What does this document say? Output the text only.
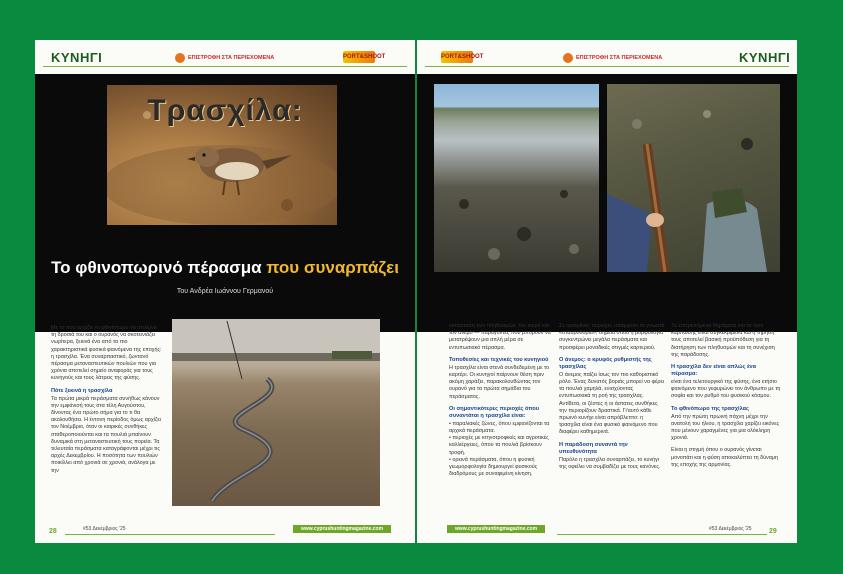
ΚΥΝΗΓΙ	ΕΠΙΣΤΡΟΦΗ ΣΤΑ ΠΕΡΙΕΧΟΜΕΝΑ	PORT&SHOOT
Τρασχίλα:
Το φθινοπωρινό πέρασμα που συναρπάζει
Του Ανδρέα Ιωάννου Γερμανού

Με το που αρχίζει το φθινόπωρο να απλώνει τη δροσιά του και ο ουρανός να σκοτεινιάζει νωρίτερα, ξεκινά ένα από τα πιο χαρακτηριστικά φυσικά φαινόμενα της εποχής: η τρασχίλα. Ένα συναρπαστικό, ζωντανό πέρασμα μεταναστευτικών πουλιών που για χρόνια αποτελεί σημείο αναφοράς για τους κυνηγούς και τους λάτρεις της φύσης.

Πότε ξεκινά η τρασχίλα

Τα πρώτα μικρά περάσματα συνήθως κάνουν την εμφάνισή τους στα τέλη Αυγούστου, δίνοντας ένα πρώτο σήμα για το τι θα ακολουθήσει. Η έντονη περίοδος όμως αρχίζει τον Νοέμβριο, όταν οι καιρικές συνθήκες σταθεροποιούνται και τα πουλιά μπαίνουν δυναμικά στη μεταναστευτική τους πορεία. Τα τελευταία περάσματα καταγράφονται μέχρι τις αρχές Δεκεμβρίου. Η ποσότητα των πουλιών ποικίλλει από χρονιά σε χρονιά, ανάλογα με την

28	#53 Δεκέμβριος '25	www.cyprushuntingmagazine.com
PORT&SHOOT	ΕΠΙΣΤΡΟΦΗ ΣΤΑ ΠΕΡΙΕΧΟΜΕΝΑ	ΚΥΝΗΓΙ

κατάσταση των πληθυσμών, τον καιρό και τον άνεμο — παράγοντες που μπορούν να μετατρέψουν μια απλή μέρα σε εντυπωσιακό πέρασμα.

Τοποθεσίες και τεχνικές του κυνηγιού

Η τρασχίλα είναι στενά συνδεδεμένη με το καρτέρι. Οι κυνηγοί παίρνουν θέση πριν ακόμη χαράξει, παρακολουθώντας τον ουρανό για τα πρώτα σημάδια του περάσματος.

Οι σημαντικότερες περιοχές όπου συναντάται η τρασχίλα είναι:
• παραλιακές ζώνες, όπου εμφανίζονται τα αρχικά περάσματα.
• περιοχές με κτηνοτροφικές και αγροτικές καλλιέργειες, όπου τα πουλιά βρίσκουν τροφή.
• ορεινά περάσματα, όπου η φυσική γεωμορφολογία δημιουργεί φυσικούς διαδρόμους με συναφιμένη κίνηση.

Σε ορισμένες περιοχές υπάρχουν τα γνωστά «σταυροδόρια», σημεία όπου η μορφολογία συγκεντρώνει μεγάλα περάσματα και προσφέρει μοναδικές στιγμές καρτεριού.

Ο άνεμος: ο κρυφός ρυθμιστής της τρασχίλας

Ο άνεμος παίζει ίσως τον πιο καθοριστικό ρόλο. Ένας δυνατός βοριάς μπορεί να φέρει τα πουλιά χαμηλά, ενισχύοντας εντυπωσιακά τη ροή της τρασχίλας. Αντίθετα, οι ζέστες ή οι άστατες συνθήκες την περιορίζουν δραστικά. Γι'αυτό κάθε πρωινό κυνήγι είναι απρόβλεπτο: η τρασχίλα είναι ένα φυσικό φαινόμενο που διαφέρει καθημερινά.

Η παράδοση συναντά την υπευθυνότητα

Παρόλο η τρασχίλα συναρπάζει, το κυνήγι της οφείλει να συμβαδίζει με τους κανόνες.

Τα επιτρεπόμενα θηράματα και τα όρια κάρπωσης είναι συγκεκριμένα και η τήρησή τους αποτελεί βασική προϋπόθεση για τη διατήρηση των πληθυσμών και τη συνέχιση της παράδοσης.

Η τρασχίλα δεν είναι απλώς ένα πέρασμα:

είναι ένα τελετουργικό της φύσης, ένα ετήσιο φαινόμενο που γεφυρώνει τον άνθρωπο με τη σοφία και τον ρυθμό του φυσικού κόσμου.

Το φθινόπωρο της τρασχίλας

Από την πρώτη πρωινή πάχνη μέχρι την ανατολή του ήλιου, η τρασχίλα χαρίζει εικόνες που μένουν χαραγμένες για μια ολόκληρη χρονιά.

Είναι η στιγμή όπου ο ουρανός γίνεται μονοπάτι και η φύση αποκαλύπτει τη δύναμη της εποχής της αρμονίας.

www.cyprushuntingmagazine.com	#53 Δεκέμβριος '25 29
